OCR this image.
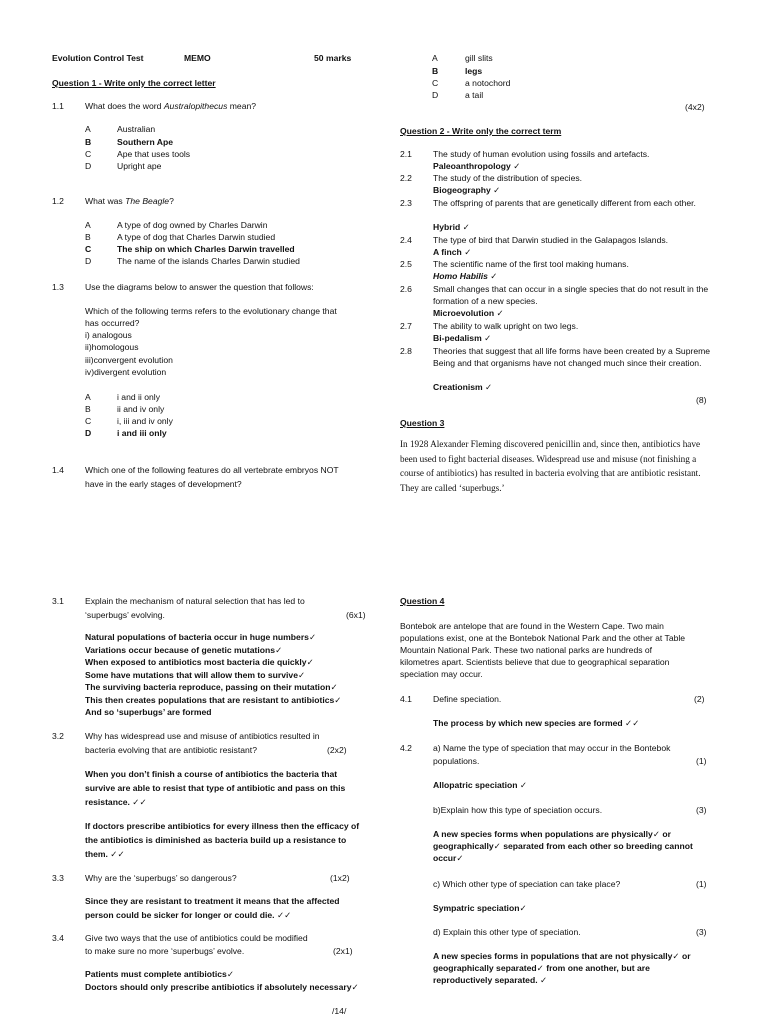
Evolution Control Test	MEMO	50 marks
Question 1 - Write only the correct letter
1.1 What does the word Australopithecus mean?
A	Australian
B	Southern Ape
C	Ape that uses tools
D	Upright ape
1.2 What was The Beagle?
A	A type of dog owned by Charles Darwin
B	A type of dog that Charles Darwin studied
C	The ship on which Charles Darwin travelled
D	The name of the islands Charles Darwin studied
1.3 Use the diagrams below to answer the question that follows:
Which of the following terms refers to the evolutionary change that
has occurred?
i) analogous
ii)homologous
iii)convergent evolution
iv)divergent evolution
A	i and ii only
B	ii and iv only
C	i, iii and iv only
D	i and iii only
1.4 Which one of the following features do all vertebrate embryos NOT
have in the early stages of development?
A	gill slits
B	legs
C	a notochord
D	a tail
(4x2)
Question 2 - Write only the correct term
2.1 The study of human evolution using fossils and artefacts.
Paleoanthropology ✓
2.2 The study of the distribution of species.
Biogeography ✓
2.3 The offspring of parents that are genetically different from each other.
Hybrid ✓
2.4 The type of bird that Darwin studied in the Galapagos Islands.
A finch ✓
2.5 The scientific name of the first tool making humans.
Homo Habilis ✓
2.6 Small changes that can occur in a single species that do not result in the formation of a new species.
Microevolution ✓
2.7 The ability to walk upright on two legs.
Bi-pedalism ✓
2.8 Theories that suggest that all life forms have been created by a Supreme Being and that organisms have not changed much since their creation.
Creationism ✓
(8)
Question 3
In 1928 Alexander Fleming discovered penicillin and, since then, antibiotics have been used to fight bacterial diseases. Widespread use and misuse (not finishing a course of antibiotics) has resulted in bacteria evolving that are antibiotic resistant. They are called ‘superbugs.’
3.1 Explain the mechanism of natural selection that has led to
‘superbugs’ evolving.	(6x1)
Natural populations of bacteria occur in huge numbers✓
Variations occur because of genetic mutations✓
When exposed to antibiotics most bacteria die quickly✓
Some have mutations that will allow them to survive✓
The surviving bacteria reproduce, passing on their mutation✓
This then creates populations that are resistant to antibiotics✓
And so ‘superbugs’ are formed
3.2 Why has widespread use and misuse of antibiotics resulted in
bacteria evolving that are antibiotic resistant?	(2x2)
When you don’t finish a course of antibiotics the bacteria that
survive are able to resist that type of antibiotic and pass on this
resistance. ✓✓
If doctors prescribe antibiotics for every illness then the efficacy of
the antibiotics is diminished as bacteria build up a resistance to
them. ✓✓
3.3 Why are the ‘superbugs’ so dangerous?	(1x2)
Since they are resistant to treatment it means that the affected
person could be sicker for longer or could die. ✓✓
3.4 Give two ways that the use of antibiotics could be modified
to make sure no more ‘superbugs’ evolve.	(2x1)
Patients must complete antibiotics✓
Doctors should only prescribe antibiotics if absolutely necessary✓
/14/
Question 4
Bontebok are antelope that are found in the Western Cape. Two main
populations exist, one at the Bontebok National Park and the other at Table
Mountain National Park. These two national parks are hundreds of
kilometres apart. Scientists believe that due to geographical separation
speciation may occur.
4.1 Define speciation.	(2)
The process by which new species are formed ✓✓
4.2 a) Name the type of speciation that may occur in the Bontebok
populations.	(1)
Allopatric speciation ✓
b)Explain how this type of speciation occurs.	(3)
A new species forms when populations are physically✓ or
geographically✓ separated from each other so breeding cannot
occur✓
c) Which other type of speciation can take place?	(1)
Sympatric speciation✓
d) Explain this other type of speciation.	(3)
A new species forms in populations that are not physically✓ or
geographically separated✓ from one another, but are
reproductively separated. ✓
